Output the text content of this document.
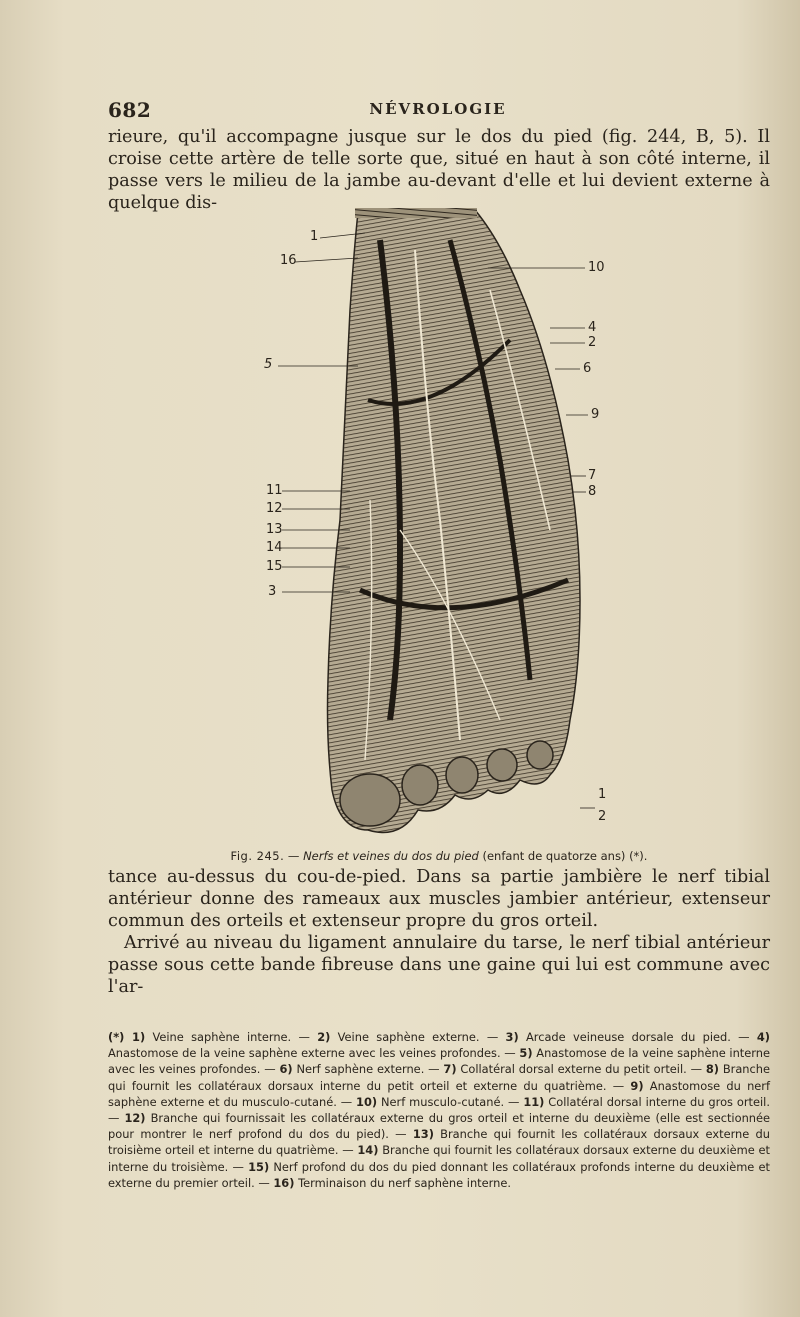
682	NÉVROLOGIE

rieure, qu'il accompagne jusque sur le dos du pied (fig. 244, B, 5). Il croise cette artère de telle sorte que, situé en haut à son côté interne, il passe vers le milieu de la jambe au-devant d'elle et lui devient externe à quelque dis-

1
16
5
11
12
13
14
15
3
10
4
2
6
9
7
8
1
2
Fig. 245. — Nerfs et veines du dos du pied (enfant de quatorze ans) (*).

tance au-dessus du cou-de-pied. Dans sa partie jambière le nerf tibial antérieur donne des rameaux aux muscles jambier antérieur, extenseur commun des orteils et extenseur propre du gros orteil.

Arrivé au niveau du ligament annulaire du tarse, le nerf tibial antérieur passe sous cette bande fibreuse dans une gaine qui lui est commune avec l'ar-

(*) 1) Veine saphène interne. — 2) Veine saphène externe. — 3) Arcade veineuse dorsale du pied. — 4) Anastomose de la veine saphène externe avec les veines profondes. — 5) Anastomose de la veine saphène interne avec les veines profondes. — 6) Nerf saphène externe. — 7) Collatéral dorsal externe du petit orteil. — 8) Branche qui fournit les collatéraux dorsaux interne du petit orteil et externe du quatrième. — 9) Anastomose du nerf saphène externe et du musculo-cutané. — 10) Nerf musculo-cutané. — 11) Collatéral dorsal interne du gros orteil. — 12) Branche qui fournissait les collatéraux externe du gros orteil et interne du deuxième (elle est sectionnée pour montrer le nerf profond du dos du pied). — 13) Branche qui fournit les collatéraux dorsaux externe du troisième orteil et interne du quatrième. — 14) Branche qui fournit les collatéraux dorsaux externe du deuxième et interne du troisième. — 15) Nerf profond du dos du pied donnant les collatéraux profonds interne du deuxième et externe du premier orteil. — 16) Terminaison du nerf saphène interne.
